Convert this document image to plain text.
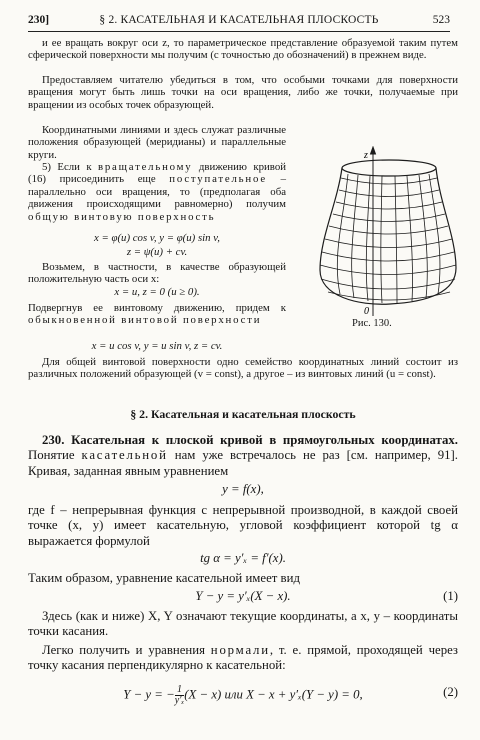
230]	§ 2. КАСАТЕЛЬНАЯ И КАСАТЕЛЬНАЯ ПЛОСКОСТЬ	523
и ее вращать вокруг оси z, то параметрическое представление образуемой таким путем сферической поверхности мы получим (с точностью до обозначений) в прежнем виде.
Предоставляем читателю убедиться в том, что особыми точками для поверхности вращения могут быть лишь точки на оси вращения, либо же точки, получаемые при вращении из особых точек образующей.
Координатными линиями и здесь служат различные положения образующей (меридианы) и параллельные круги.
5) Если к вращательному движению кривой (16) присоединить еще поступательное – параллельно оси вращения, то (предполагая оба движения происходящими равномерно) получим общую винтовую поверхность
x = φ(u) cos v, y = φ(u) sin v,
z = ψ(u) + cv.
Возьмем, в частности, в качестве образующей положительную часть оси x:
x = u, z = 0 (u ≥ 0).
Подвергнув ее винтовому движению, придем к обыкновенной винтовой поверхности
x = u cos v, y = u sin v, z = cv.
Для общей винтовой поверхности одно семейство координатных линий состоит из различных положений образующей (v = const), а другое – из винтовых линий (u = const).
z
0
Рис. 130.
§ 2. Касательная и касательная плоскость
230. Касательная к плоской кривой в прямоугольных координатах. Понятие касательной нам уже встречалось не раз [см. например, 91]. Кривая, заданная явным уравнением
y = f(x),
где f – непрерывная функция с непрерывной производной, в каждой своей точке (x, y) имеет касательную, угловой коэффициент которой tg α выражается формулой
tg α = y′ₓ = f′(x).
Таким образом, уравнение касательной имеет вид
Y − y = y′ₓ(X − x).	(1)
Здесь (как и ниже) X, Y означают текущие координаты, а x, y – координаты точки касания.
Легко получить и уравнения нормали, т. е. прямой, проходящей через точку касания перпендикулярно к касательной:
Y − y = − $\frac{1}{\text{y′ₓ}} (X - x)$ или X − x + y′ₓ(Y − y) = 0,	(2)
